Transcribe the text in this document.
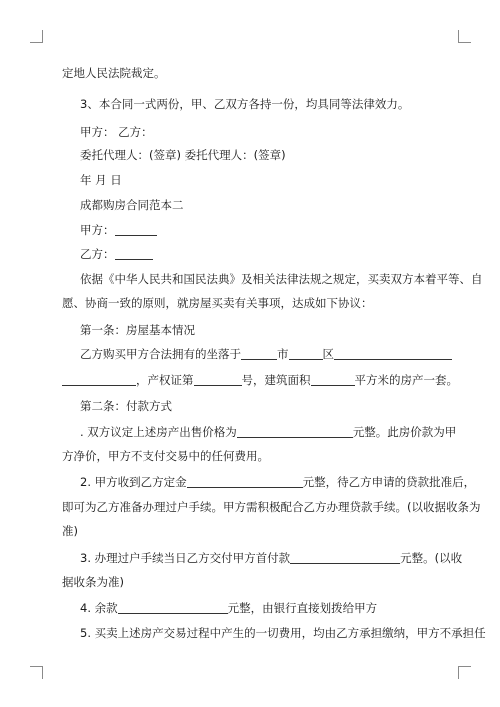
定地人民法院裁定。
3、本合同一式两份，甲、乙双方各持一份，均具同等法律效力。
甲方： 乙方：
委托代理人：(签章) 委托代理人：(签章)
年 月 日
成都购房合同范本二
甲方：
乙方：
依据《中华人民共和国民法典》及相关法律法规之规定，买卖双方本着平等、自
愿、协商一致的原则，就房屋买卖有关事项，达成如下协议：
第一条：房屋基本情况
乙方购买甲方合法拥有的坐落于	市	区
，产权证第	号，建筑面积	平方米的房产一套。
第二条：付款方式
. 双方议定上述房产出售价格为	元整。此房价款为甲
方净价，甲方不支付交易中的任何费用。
2. 甲方收到乙方定金	元整，待乙方申请的贷款批准后，
即可为乙方准备办理过户手续。甲方需积极配合乙方办理贷款手续。(以收据收条为
准)
3. 办理过户手续当日乙方交付甲方首付款	元整。(以收
据收条为准)
4. 余款	元整，由银行直接划拨给甲方
5. 买卖上述房产交易过程中产生的一切费用，均由乙方承担缴纳，甲方不承担任
